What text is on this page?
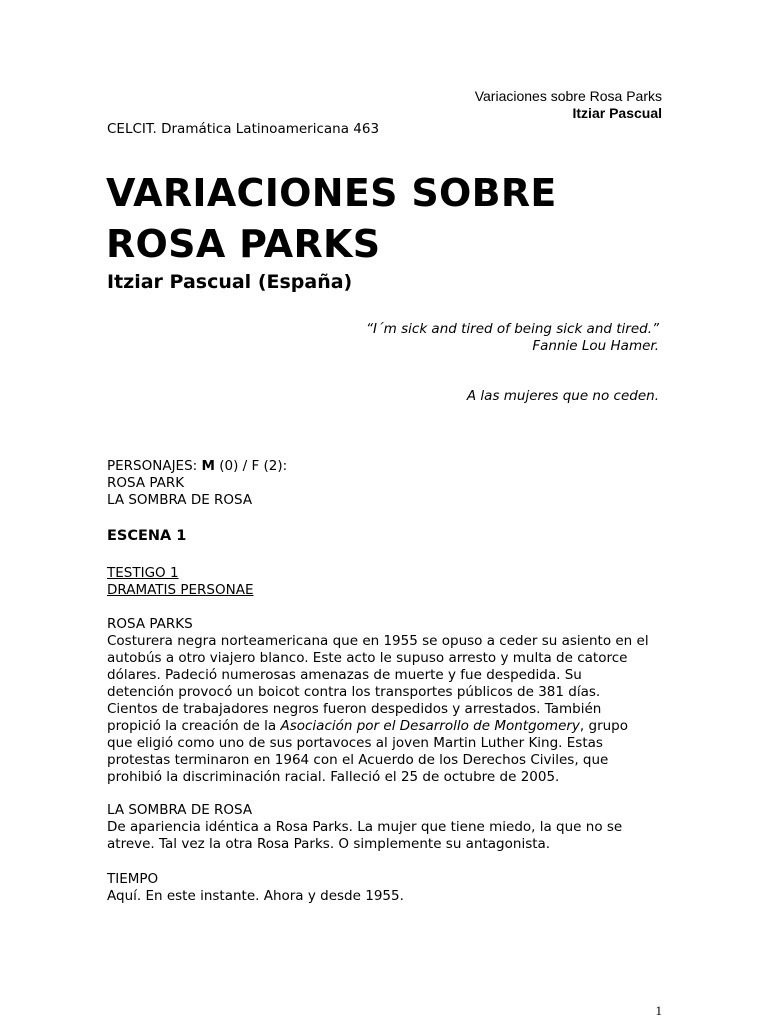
Variaciones sobre Rosa Parks
Itziar Pascual
CELCIT. Dramática Latinoamericana 463
VARIACIONES SOBRE
ROSA PARKS
Itziar Pascual (España)
“I´m sick and tired of being sick and tired.”
Fannie Lou Hamer.
A las mujeres que no ceden.
PERSONAJES: M (0) / F (2):
ROSA PARK
LA SOMBRA DE ROSA
ESCENA 1
TESTIGO 1
DRAMATIS PERSONAE
ROSA PARKS
Costurera negra norteamericana que en 1955 se opuso a ceder su asiento en el
autobús a otro viajero blanco. Este acto le supuso arresto y multa de catorce
dólares. Padeció numerosas amenazas de muerte y fue despedida. Su
detención provocó un boicot contra los transportes públicos de 381 días.
Cientos de trabajadores negros fueron despedidos y arrestados. También
propició la creación de la Asociación por el Desarrollo de Montgomery, grupo
que eligió como uno de sus portavoces al joven Martin Luther King. Estas
protestas terminaron en 1964 con el Acuerdo de los Derechos Civiles, que
prohibió la discriminación racial. Falleció el 25 de octubre de 2005.
LA SOMBRA DE ROSA
De apariencia idéntica a Rosa Parks. La mujer que tiene miedo, la que no se
atreve. Tal vez la otra Rosa Parks. O simplemente su antagonista.
TIEMPO
Aquí. En este instante. Ahora y desde 1955.
1
